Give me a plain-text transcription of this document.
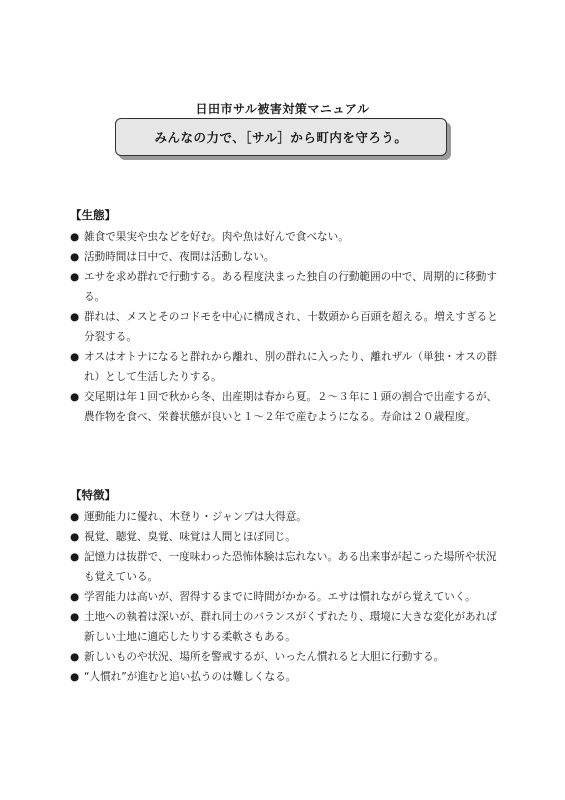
日田市サル被害対策マニュアル
みんなの力で、［サル］から町内を守ろう。
【生態】
● 雑食で果実や虫などを好む。肉や魚は好んで食べない。
● 活動時間は日中で、夜間は活動しない。
● エサを求め群れで行動する。ある程度決まった独自の行動範囲の中で、周期的に移動する。
● 群れは、メスとそのコドモを中心に構成され、十数頭から百頭を超える。増えすぎると分裂する。
● オスはオトナになると群れから離れ、別の群れに入ったり、離れザル（単独・オスの群れ）として生活したりする。
● 交尾期は年１回で秋から冬、出産期は春から夏。２〜３年に１頭の割合で出産するが、農作物を食べ、栄養状態が良いと１〜２年で産むようになる。寿命は２０歳程度。
【特徴】
● 運動能力に優れ、木登り・ジャンプは大得意。
● 視覚、聴覚、臭覚、味覚は人間とほぼ同じ。
● 記憶力は抜群で、一度味わった恐怖体験は忘れない。ある出来事が起こった場所や状況も覚えている。
● 学習能力は高いが、習得するまでに時間がかかる。エサは慣れながら覚えていく。
● 土地への執着は深いが、群れ同士のバランスがくずれたり、環境に大きな変化があれば新しい土地に適応したりする柔軟さもある。
● 新しいものや状況、場所を警戒するが、いったん慣れると大胆に行動する。
● “人慣れ”が進むと追い払うのは難しくなる。
